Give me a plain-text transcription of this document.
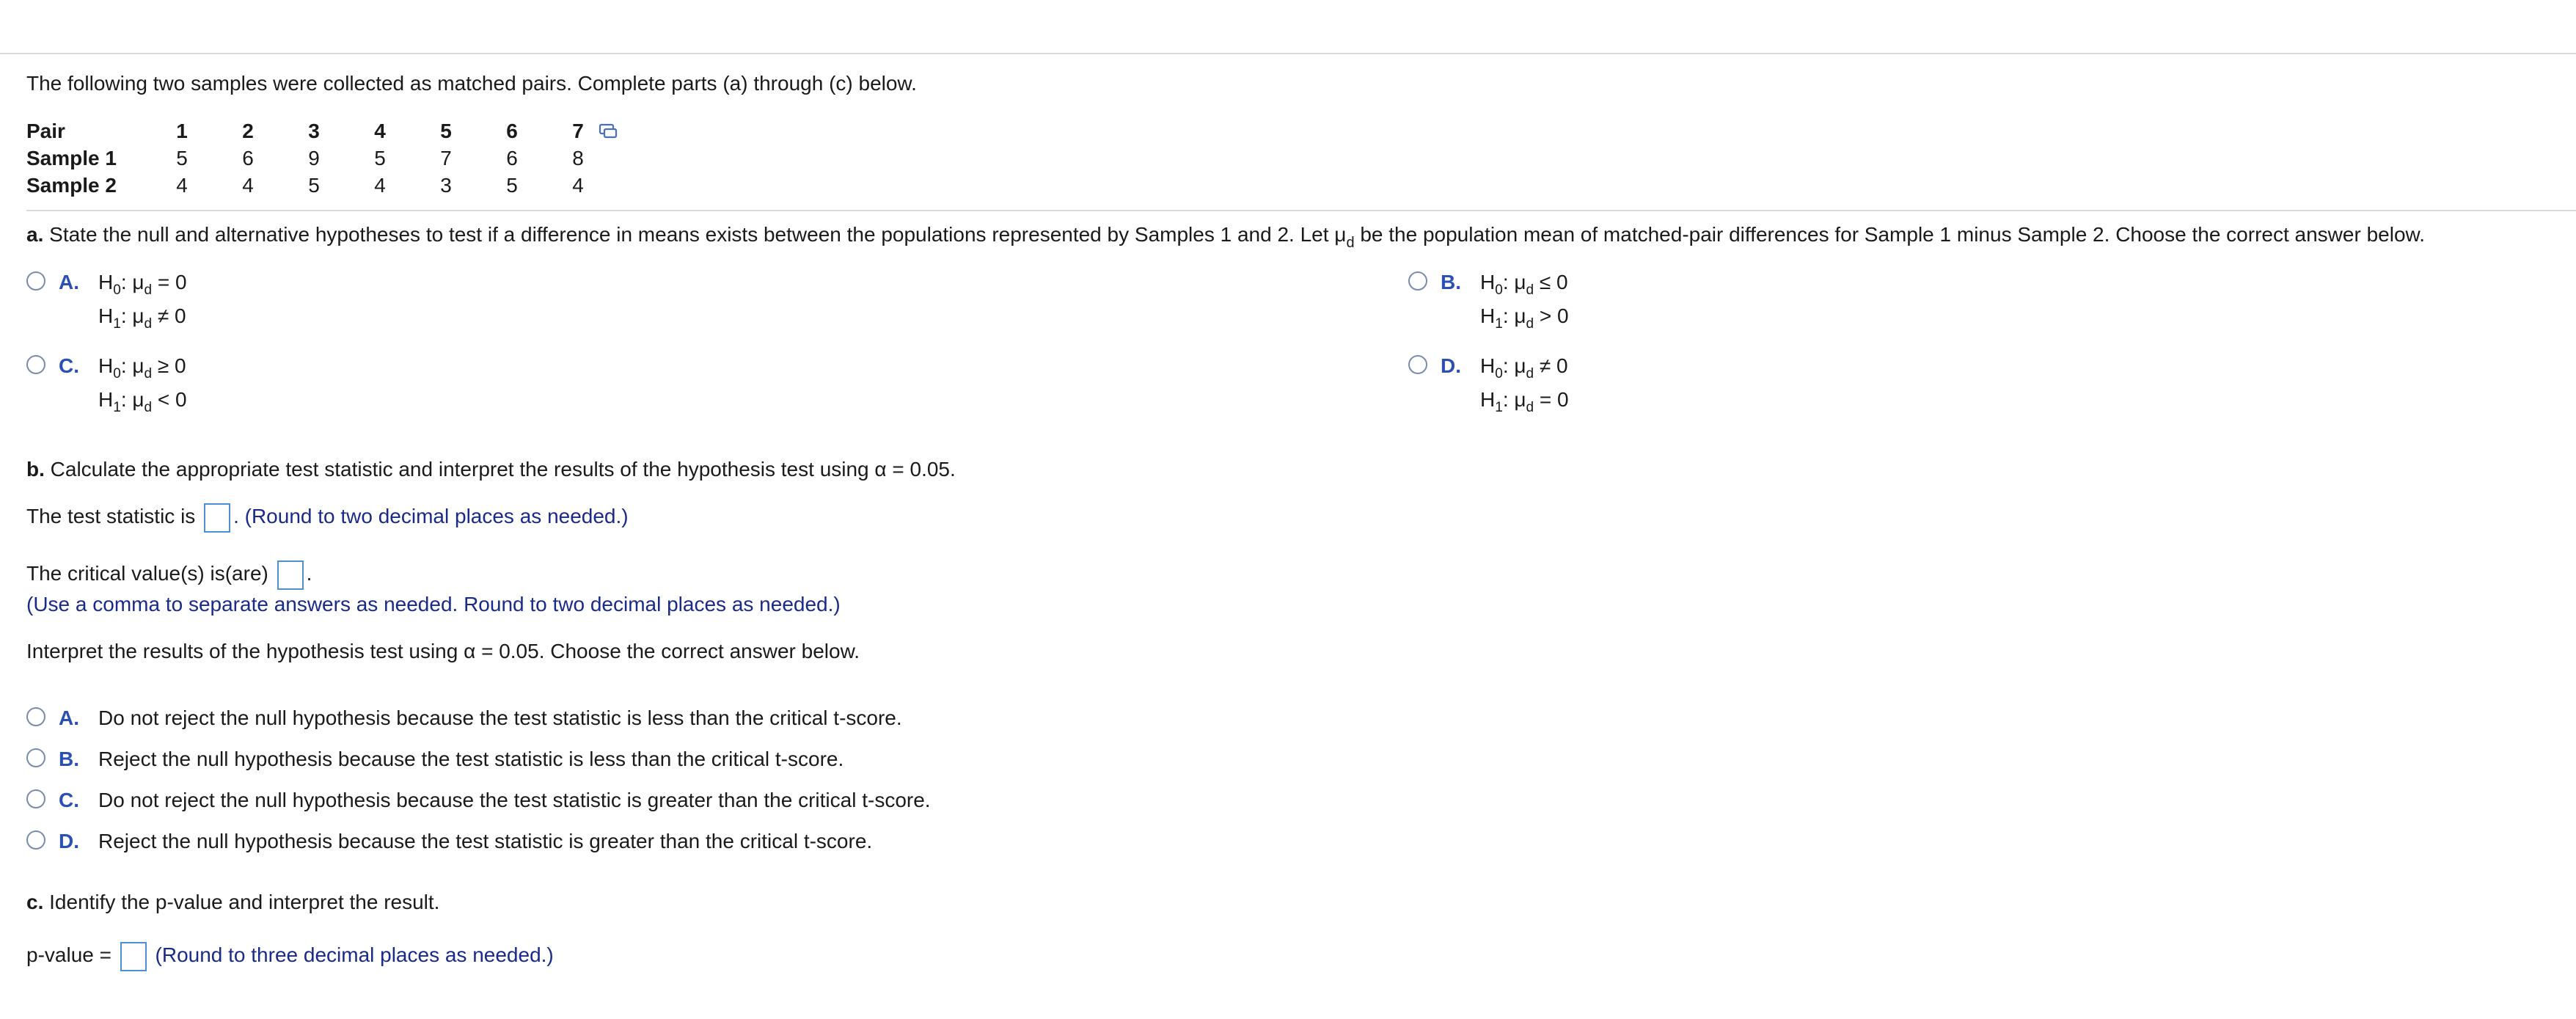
The following two samples were collected as matched pairs. Complete parts (a) through (c) below.
Pair	1	2	3	4	5	6	7
Sample 1	5	6	9	5	7	6	8
Sample 2	4	4	5	4	3	5	4
a. State the null and alternative hypotheses to test if a difference in means exists between the populations represented by Samples 1 and 2. Let $\mu_d$ be the population mean of matched-pair differences for Sample 1 minus Sample 2. Choose the correct answer below.
A. $H_0$: $\mu_d = 0$
$H_1$: $\mu_d \ne 0$
B. $H_0$: $\mu_d \le 0$
$H_1$: $\mu_d > 0$
C. $H_0$: $\mu_d \ge 0$
$H_1$: $\mu_d < 0$
D. $H_0$: $\mu_d \ne 0$
$H_1$: $\mu_d = 0$
b. Calculate the appropriate test statistic and interpret the results of the hypothesis test using α = 0.05.
The test statistic is . (Round to two decimal places as needed.)
The critical value(s) is(are) .
(Use a comma to separate answers as needed. Round to two decimal places as needed.)
Interpret the results of the hypothesis test using α = 0.05. Choose the correct answer below.
A. Do not reject the null hypothesis because the test statistic is less than the critical t-score.
B. Reject the null hypothesis because the test statistic is less than the critical t-score.
C. Do not reject the null hypothesis because the test statistic is greater than the critical t-score.
D. Reject the null hypothesis because the test statistic is greater than the critical t-score.
c. Identify the p-value and interpret the result.
p-value = (Round to three decimal places as needed.)
